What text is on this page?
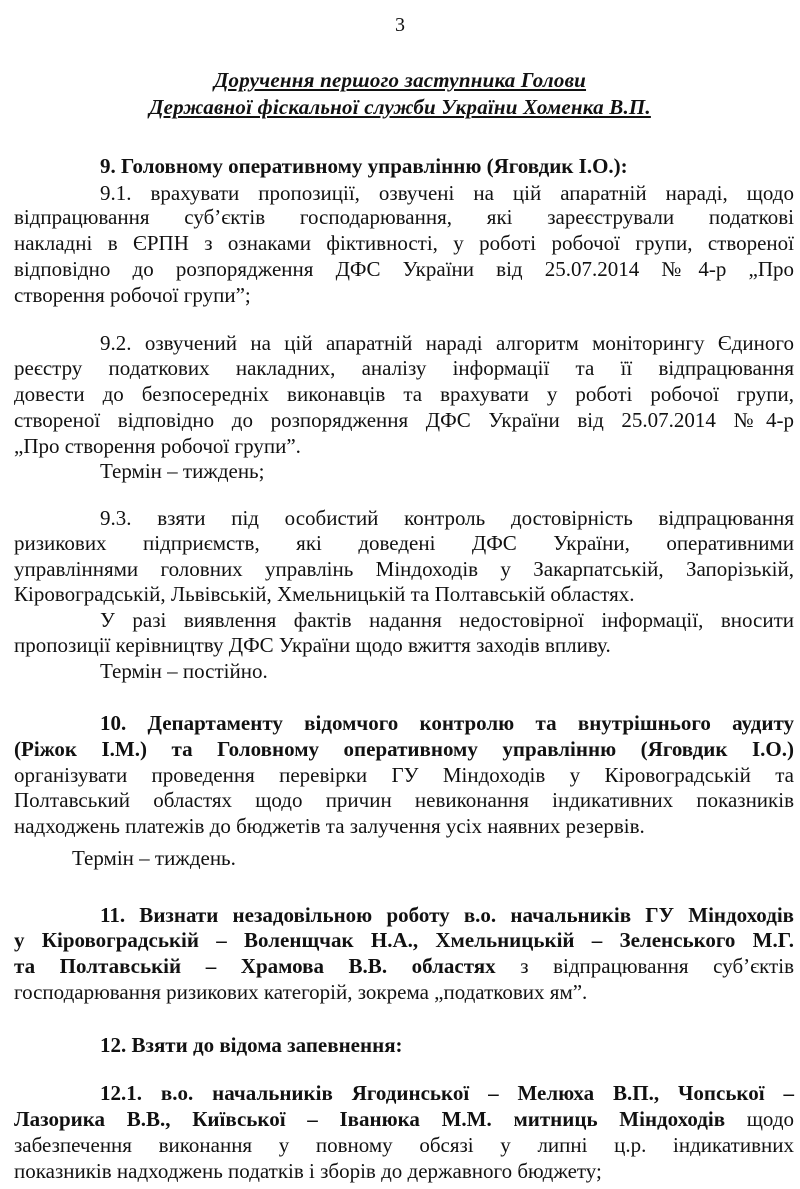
3
Доручення першого заступника Голови
Державної фіскальної служби України Хоменка В.П.
9. Головному оперативному управлінню (Яговдик І.О.):
9.1. врахувати пропозиції, озвучені на цій апаратній нараді, щодо
відпрацювання суб’єктів господарювання, які зареєстрували податкові
накладні в ЄРПН з ознаками фіктивності, у роботі робочої групи, створеної
відповідно до розпорядження ДФС України від 25.07.2014 №4-р „Про
створення робочої групи”;
9.2. озвучений на цій апаратній нараді алгоритм моніторингу Єдиного
реєстру податкових накладних, аналізу інформації та її відпрацювання
довести до безпосередніх виконавців та врахувати у роботі робочої групи,
створеної відповідно до розпорядження ДФС України від 25.07.2014 №4-р
„Про створення робочої групи”.
Термін – тиждень;
9.3. взяти під особистий контроль достовірність відпрацювання
ризикових підприємств, які доведені ДФС України, оперативними
управліннями головних управлінь Міндоходів у Закарпатській, Запорізькій,
Кіровоградській, Львівській, Хмельницькій та Полтавській областях.
У разі виявлення фактів надання недостовірної інформації, вносити
пропозиції керівництву ДФС України щодо вжиття заходів впливу.
Термін – постійно.
10. Департаменту відомчого контролю та внутрішнього аудиту
(Ріжок І.М.) та Головному оперативному управлінню (Яговдик І.О.)
організувати проведення перевірки ГУ Міндоходів у Кіровоградській та
Полтавський областях щодо причин невиконання індикативних показників
надходжень платежів до бюджетів та залучення усіх наявних резервів.
Термін – тиждень.
11. Визнати незадовільною роботу в.о. начальників ГУ Міндоходів
у Кіровоградській – Воленщчак Н.А., Хмельницькій – Зеленського М.Г.
та Полтавській – Храмова В.В. областях з відпрацювання суб’єктів
господарювання ризикових категорій, зокрема „податкових ям”.
12. Взяти до відома запевнення:
12.1. в.о. начальників Ягодинської – Мелюха В.П., Чопської –
Лазорика В.В., Київської – Іванюка М.М. митниць Міндоходів щодо
забезпечення виконання у повному обсязі у липні ц.р. індикативних
показників надходжень податків і зборів до державного бюджету;
